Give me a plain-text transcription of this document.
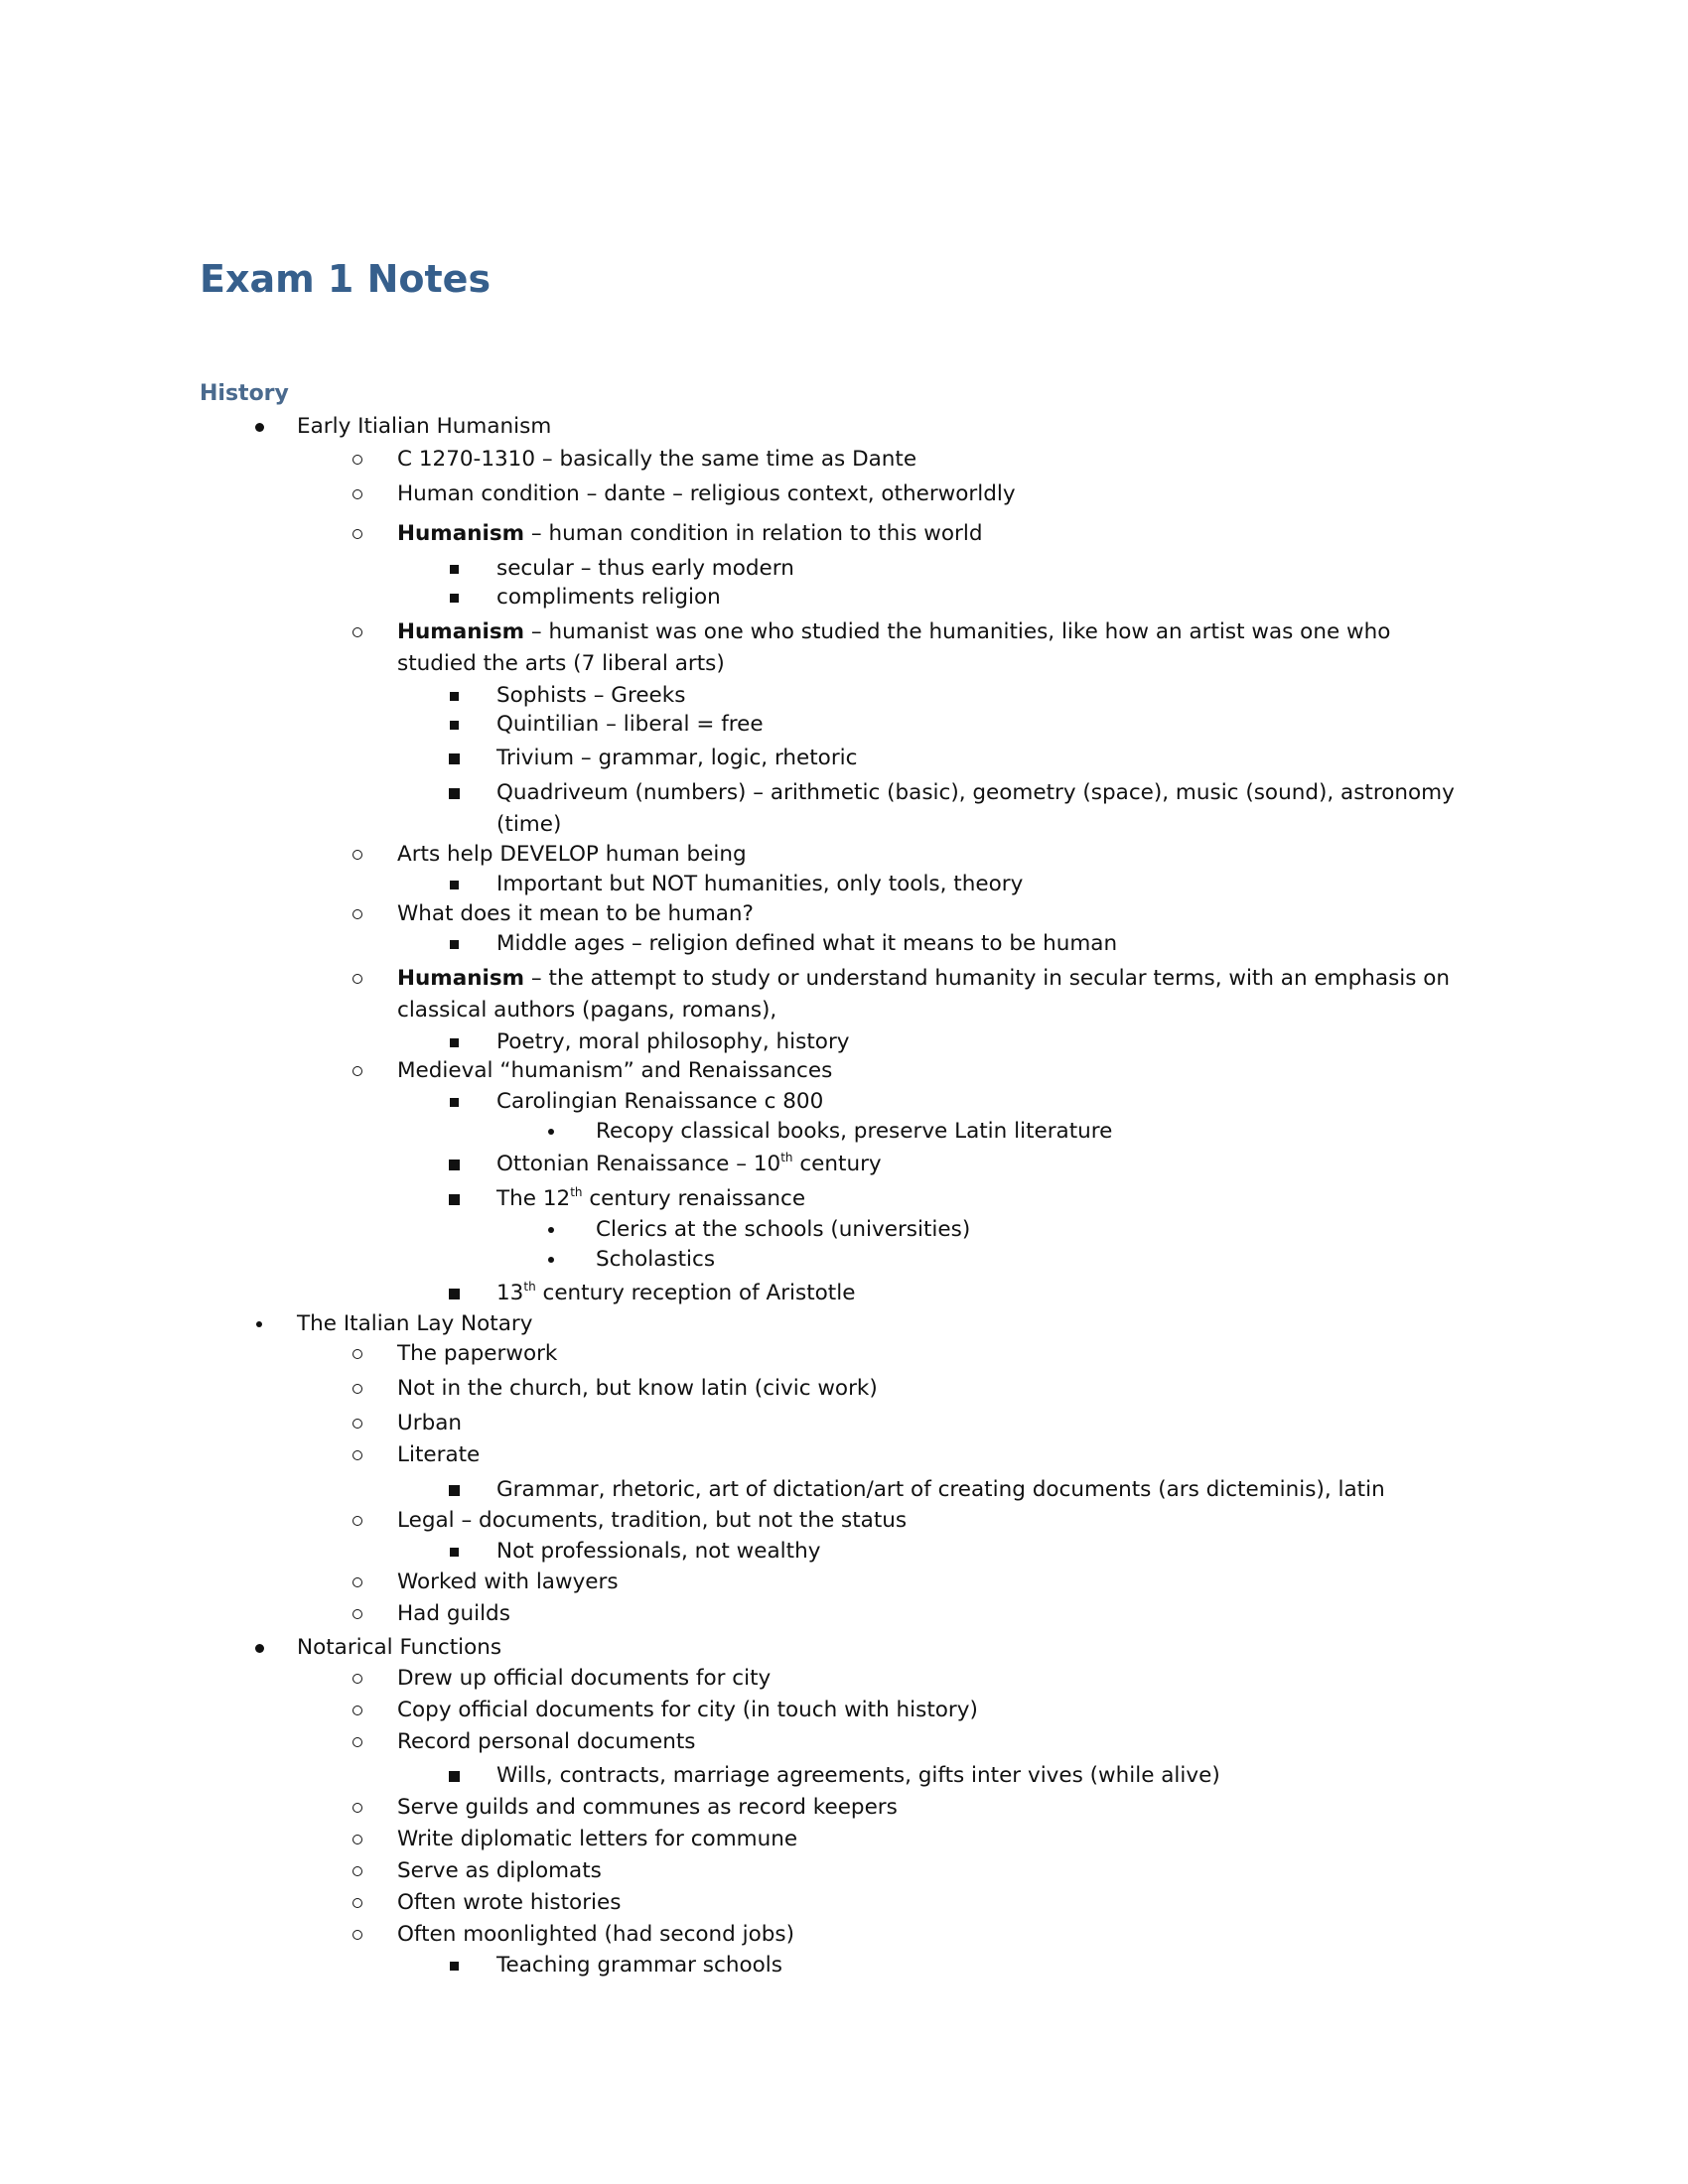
Exam 1 Notes
History
Early Itialian Humanism
C 1270-1310 – basically the same time as Dante
Human condition – dante – religious context, otherworldly
Humanism – human condition in relation to this world
secular – thus early modern
compliments religion
Humanism – humanist was one who studied the humanities, like how an artist was one who studied the arts (7 liberal arts)
Sophists – Greeks
Quintilian – liberal = free
Trivium – grammar, logic, rhetoric
Quadriveum (numbers) – arithmetic (basic), geometry (space), music (sound), astronomy (time)
Arts help DEVELOP human being
Important but NOT humanities, only tools, theory
What does it mean to be human?
Middle ages – religion defined what it means to be human
Humanism – the attempt to study or understand humanity in secular terms, with an emphasis on classical authors (pagans, romans),
Poetry, moral philosophy, history
Medieval “humanism” and Renaissances
Carolingian Renaissance c 800
Recopy classical books, preserve Latin literature
Ottonian Renaissance – 10th century
The 12th century renaissance
Clerics at the schools (universities)
Scholastics
13th century reception of Aristotle
The Italian Lay Notary
The paperwork
Not in the church, but know latin (civic work)
Urban
Literate
Grammar, rhetoric, art of dictation/art of creating documents (ars dicteminis), latin
Legal – documents, tradition, but not the status
Not professionals, not wealthy
Worked with lawyers
Had guilds
Notarical Functions
Drew up official documents for city
Copy official documents for city (in touch with history)
Record personal documents
Wills, contracts, marriage agreements, gifts inter vives (while alive)
Serve guilds and communes as record keepers
Write diplomatic letters for commune
Serve as diplomats
Often wrote histories
Often moonlighted (had second jobs)
Teaching grammar schools
